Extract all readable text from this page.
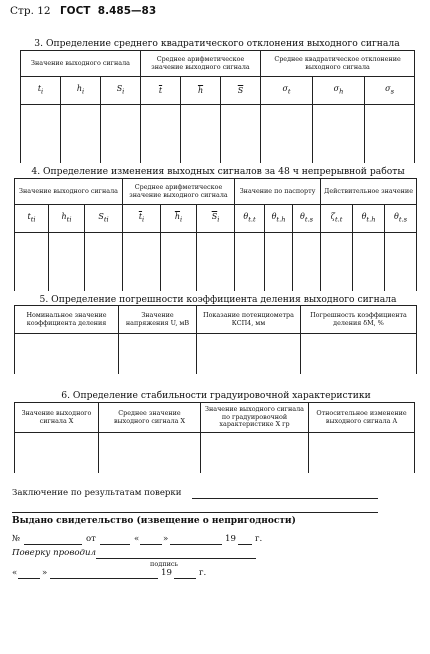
Стр. 12 ГОСТ 8.485—83
3. Определение среднего квадратического отклонения выходного сигнала
Значение выходного сигнала			Среднее арифметическое значение выходного сигнала			Среднее квадратическое отклонение выходного сигнала		
$t_i$	$h_i$	$S_i$	$\overline{t}$	$\overline{h}$	$\overline{S}$	$\sigma_t$	$\sigma_h$	$\sigma_s$

4. Определение изменения выходных сигналов за 48 ч непрерывной работы
Значение выходного сигнала			Среднее арифметическое значение выходного сигнала			Значение по паспорту			Действительное значение		
$t_{ti}$	$h_{ti}$	$S_{ti}$	$\overline{t}_i$	$\overline{h}_i$	$\overline{S}_i$	$\theta_{t.t}$	$\theta_{t.h}$	$\theta_{t.s}$	$\zeta_{t.t}$	$\theta_{t.h}$	$\theta_{t.s}$

5. Определение погрешности коэффициента деления выходного сигнала
Номинальное значение коэффициента деления	Значение напряжения U, мВ	Показание потенциометра КСП4, мм	Погрешность коэффициента деления δM, %

6. Определение стабильности градуировочной характеристики
Значение выходного сигнала X	Среднее значение выходного сигнала X	Значение выходного сигнала по градуировочной характеристике X гр	Относительное изменение выходного сигнала A

Заключение по результатам поверки
Выдано свидетельство (извещение о непригодности)
№	от	«	»	19 г.
Поверку проводил
подпись
«	»	19	г.
